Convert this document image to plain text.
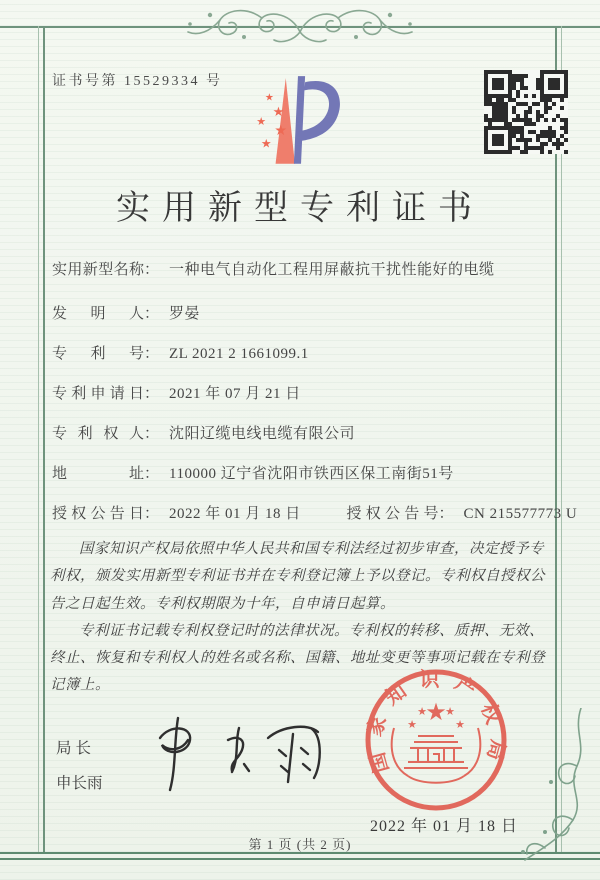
证书号第 15529334 号
★
★
★
★
★
实用新型专利证书
实用新型名称： 一种电气自动化工程用屏蔽抗干扰性能好的电缆
发明人： 罗晏
专利号： ZL 2021 2 1661099.1
专利申请日： 2021 年 07 月 21 日
专利权人： 沈阳辽缆电线电缆有限公司
地址： 110000 辽宁省沈阳市铁西区保工南街51号
授权公告日： 2022 年 01 月 18 日	授权公告号： CN 215577773 U

国家知识产权局依照中华人民共和国专利法经过初步审查，决定授予专利权，颁发实用新型专利证书并在专利登记簿上予以登记。专利权自授权公告之日起生效。专利权期限为十年，自申请日起算。

专利证书记载专利权登记时的法律状况。专利权的转移、质押、无效、终止、恢复和专利权人的姓名或名称、国籍、地址变更等事项记载在专利登记簿上。

局长
申长雨
国家知识产权局
★
★
★ ★
★
2022 年 01 月 18 日
第 1 页 (共 2 页)
